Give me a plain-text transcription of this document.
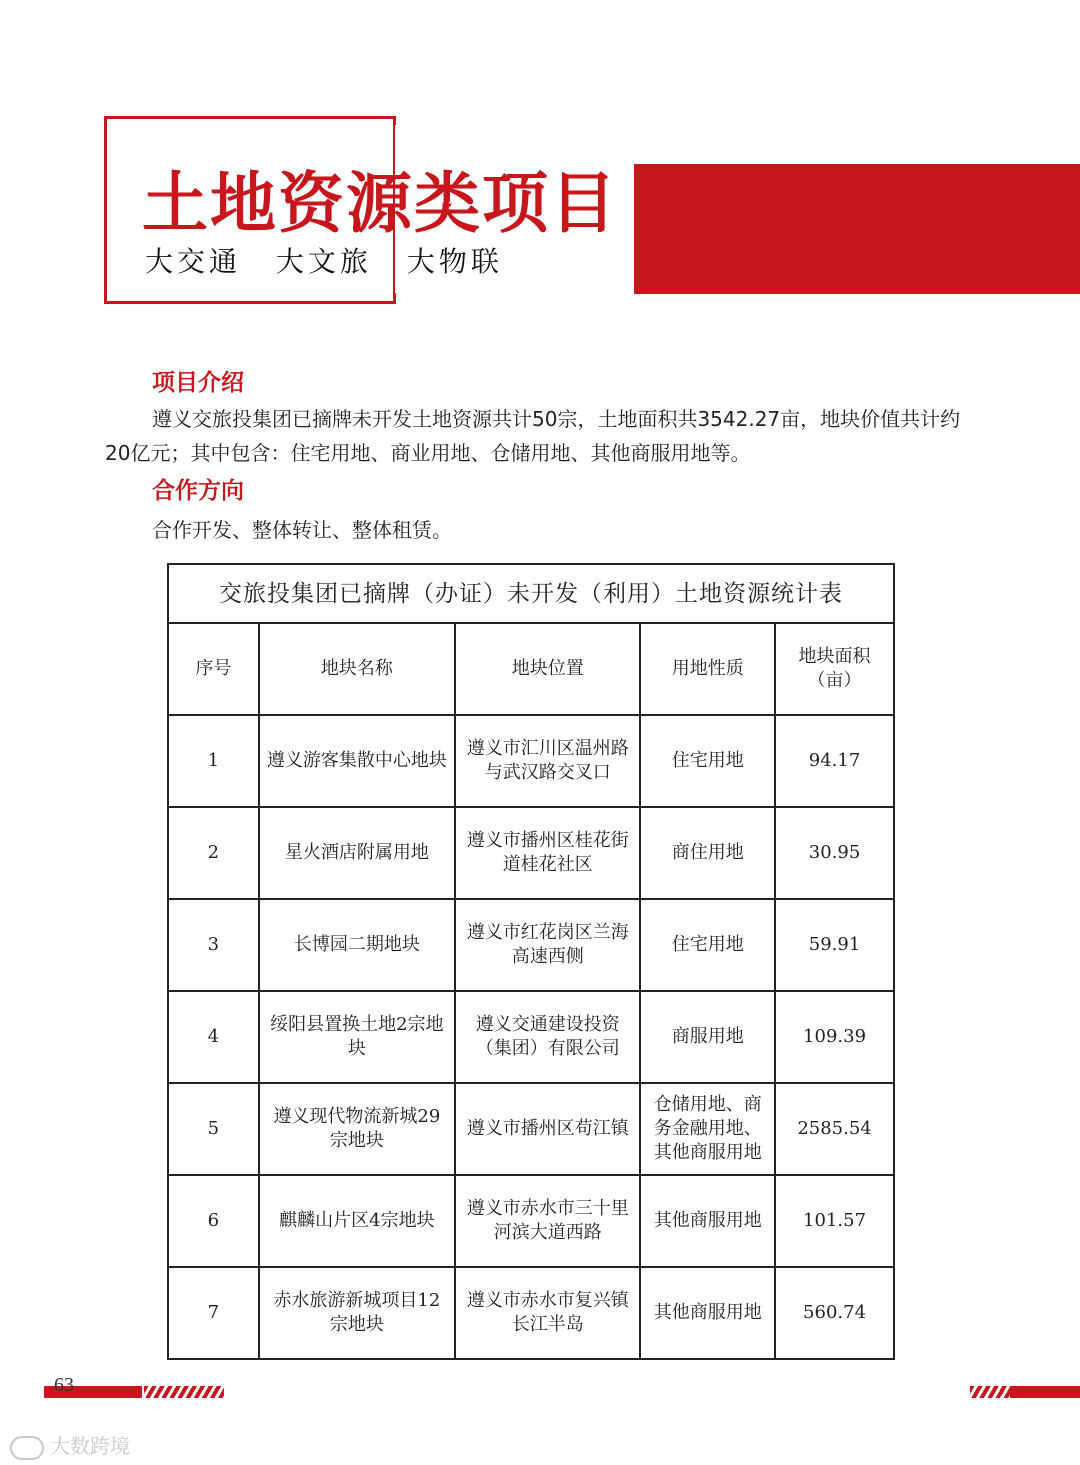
土地资源类项目
大交通 大文旅 大物联
项目介绍

遵义交旅投集团已摘牌未开发土地资源共计50宗，土地面积共3542.27亩，地块价值共计约20亿元；其中包含：住宅用地、商业用地、仓储用地、其他商服用地等。

合作方向

合作开发、整体转让、整体租赁。

交旅投集团已摘牌（办证）未开发（利用）土地资源统计表				
序号	地块名称	地块位置	用地性质	地块面积（亩）
1	遵义游客集散中心地块	遵义市汇川区温州路与武汉路交叉口	住宅用地	94.17
2	星火酒店附属用地	遵义市播州区桂花街道桂花社区	商住用地	30.95
3	长博园二期地块	遵义市红花岗区兰海高速西侧	住宅用地	59.91
4	绥阳县置换土地2宗地块	遵义交通建设投资（集团）有限公司	商服用地	109.39
5	遵义现代物流新城29宗地块	遵义市播州区苟江镇	仓储用地、商务金融用地、其他商服用地	2585.54
6	麒麟山片区4宗地块	遵义市赤水市三十里河滨大道西路	其他商服用地	101.57
7	赤水旅游新城项目12宗地块	遵义市赤水市复兴镇长江半岛	其他商服用地	560.74
63
大数跨境
